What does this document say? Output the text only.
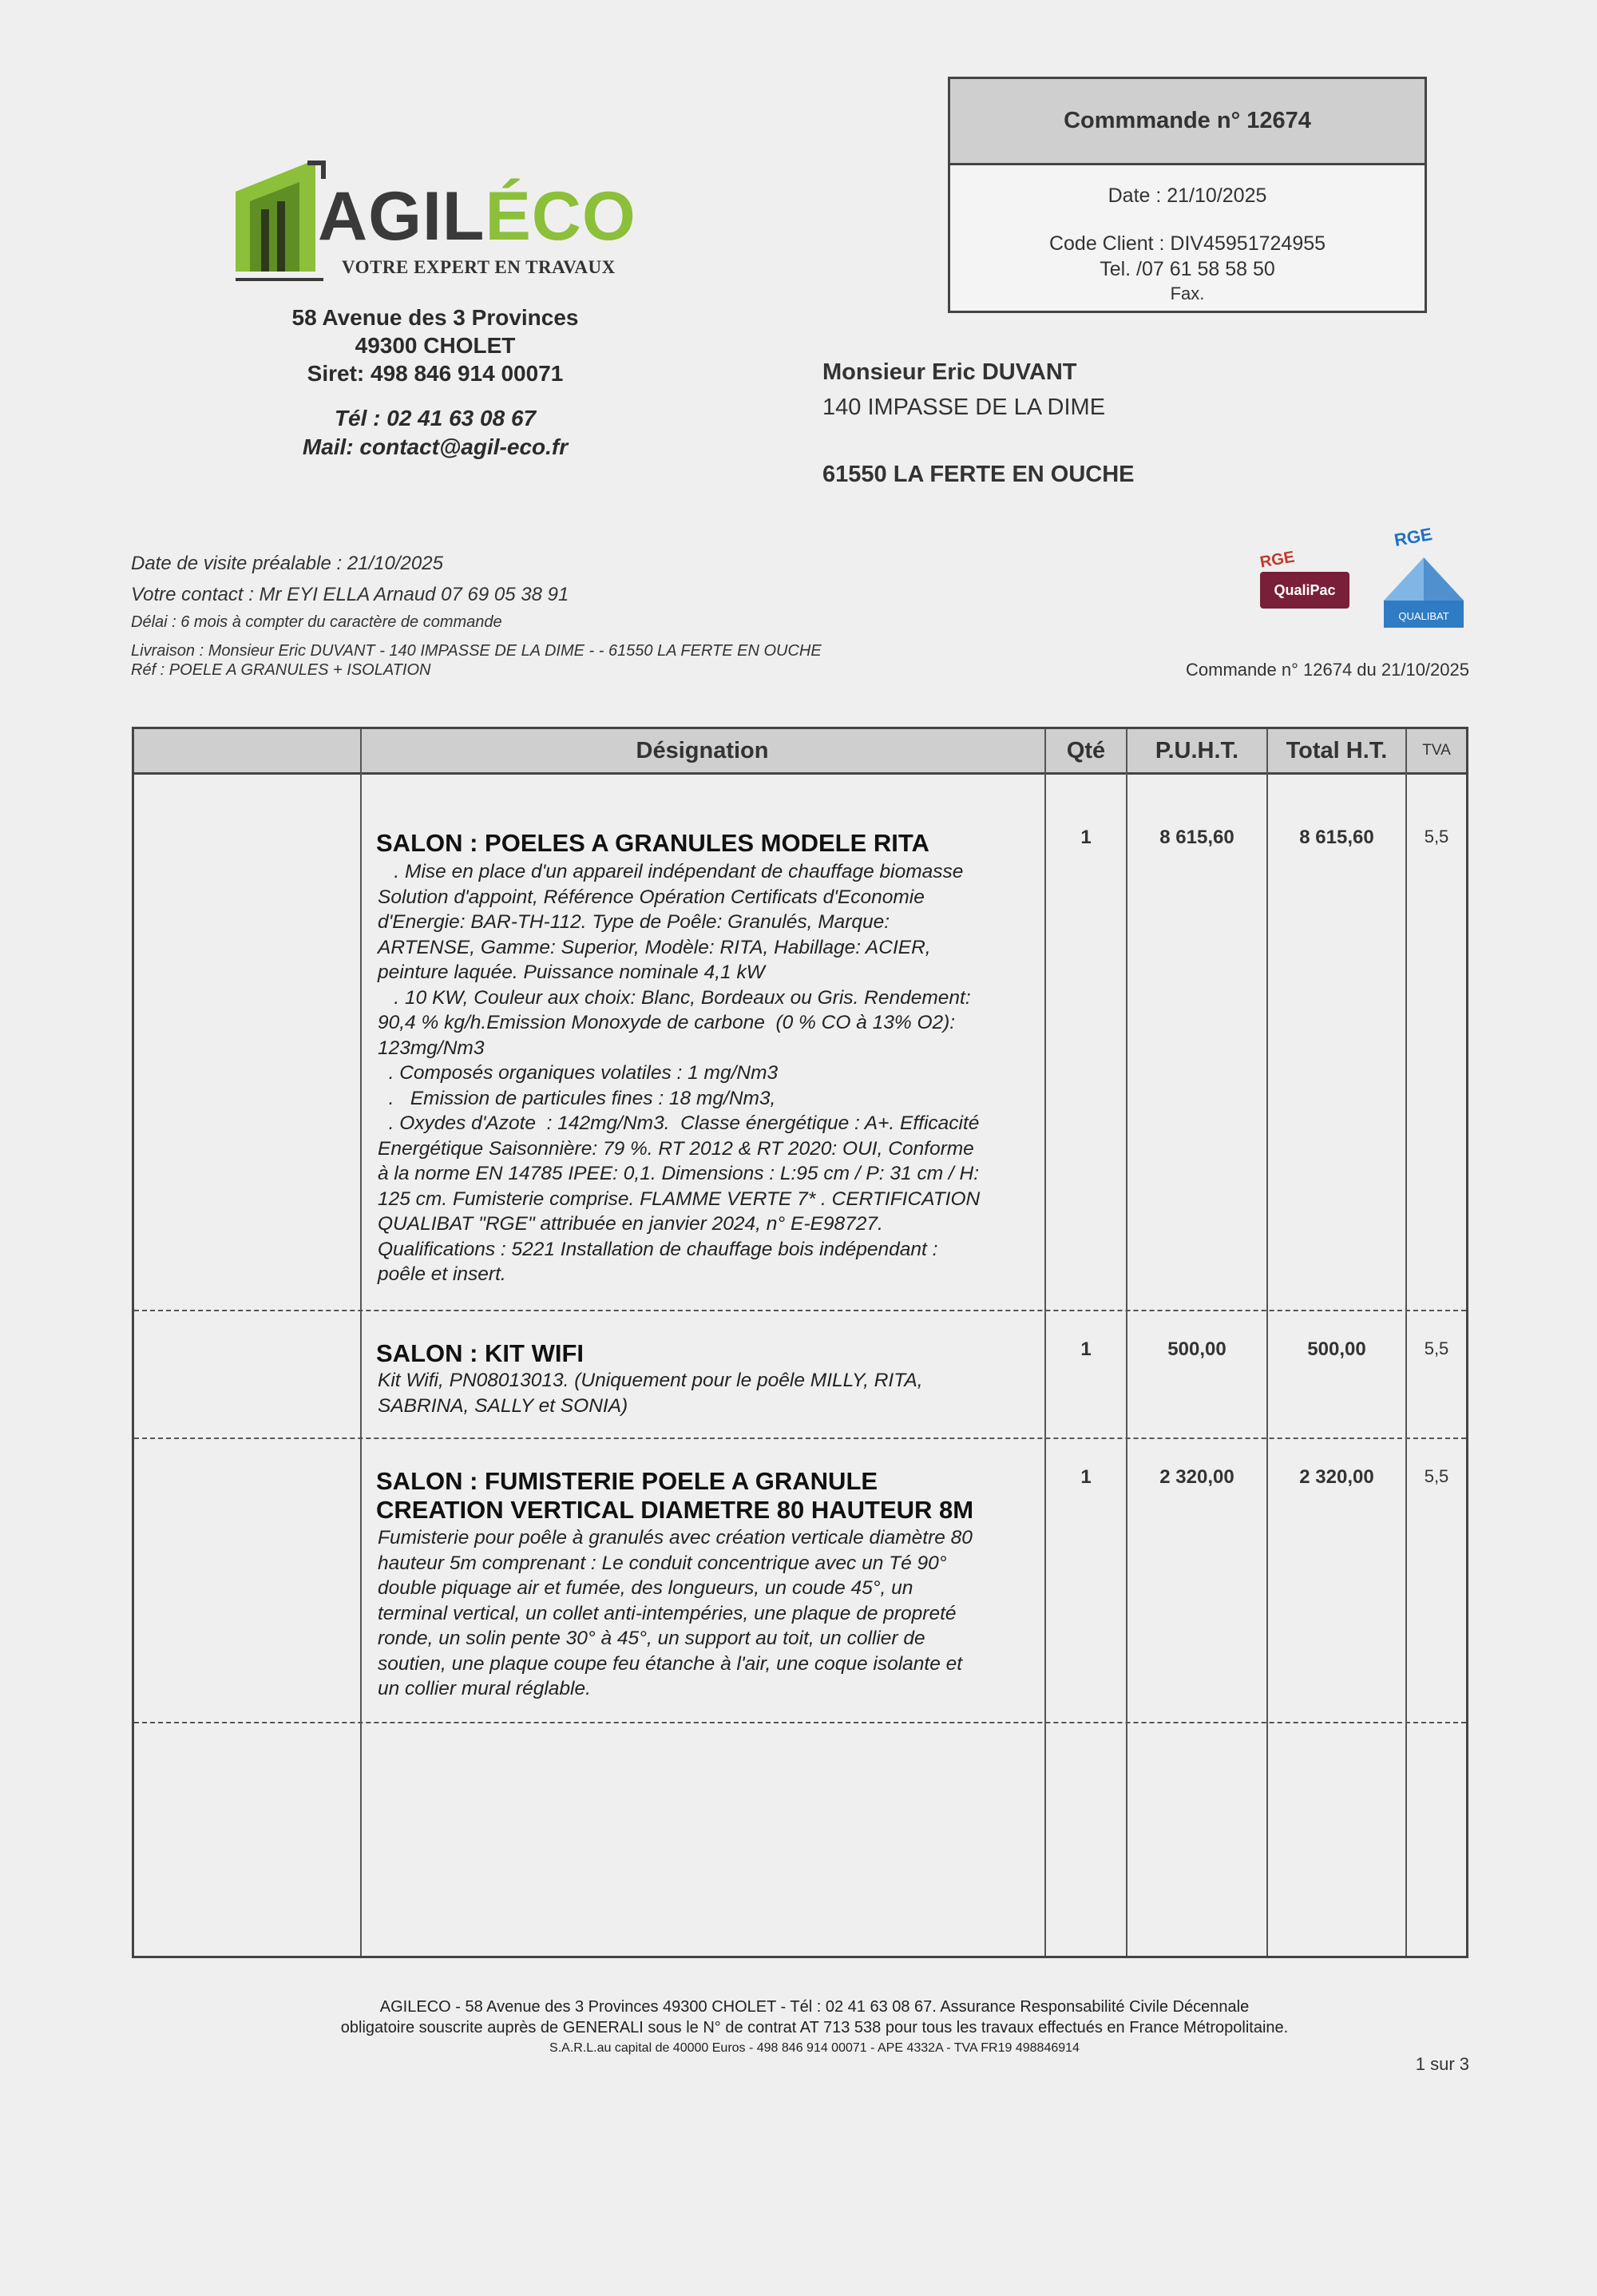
AGILÉCO
VOTRE EXPERT EN TRAVAUX
58 Avenue des 3 Provinces
49300 CHOLET
Siret: 498 846 914 00071
Tél : 02 41 63 08 67
Mail: contact@agil-eco.fr
Commmande n° 12674
Date : 21/10/2025
Code Client : DIV45951724955
Tel. /07 61 58 58 50
Fax.
Monsieur Eric DUVANT
140 IMPASSE DE LA DIME
61550 LA FERTE EN OUCHE
Date de visite préalable : 21/10/2025
Votre contact : Mr EYI ELLA Arnaud 07 69 05 38 91
Délai : 6 mois à compter du caractère de commande
Livraison : Monsieur Eric DUVANT - 140 IMPASSE DE LA DIME - - 61550 LA FERTE EN OUCHE
Réf : POELE A GRANULES + ISOLATION
RGE
QualiPac
RGE
QUALIBAT
Commande n° 12674 du 21/10/2025
Désignation	Qté	P.U.H.T.	Total H.T.	TVA
SALON : POELES A GRANULES MODELE RITA
. Mise en place d'un appareil indépendant de chauffage biomasse
Solution d'appoint, Référence Opération Certificats d'Economie
d'Energie: BAR-TH-112. Type de Poêle: Granulés, Marque:
ARTENSE, Gamme: Superior, Modèle: RITA, Habillage: ACIER,
peinture laquée. Puissance nominale 4,1 kW
. 10 KW, Couleur aux choix: Blanc, Bordeaux ou Gris. Rendement:
90,4 % kg/h.Emission Monoxyde de carbone  (0 % CO à 13% O2):
123mg/Nm3
. Composés organiques volatiles : 1 mg/Nm3
.   Emission de particules fines : 18 mg/Nm3,
. Oxydes d'Azote  : 142mg/Nm3.  Classe énergétique : A+. Efficacité
Energétique Saisonnière: 79 %. RT 2012 & RT 2020: OUI, Conforme
à la norme EN 14785 IPEE: 0,1. Dimensions : L:95 cm / P: 31 cm / H:
125 cm. Fumisterie comprise. FLAMME VERTE 7* . CERTIFICATION
QUALIBAT "RGE" attribuée en janvier 2024, n° E-E98727.
Qualifications : 5221 Installation de chauffage bois indépendant :
poêle et insert.
1	8 615,60	8 615,60	5,5
SALON : KIT WIFI
Kit Wifi, PN08013013. (Uniquement pour le poêle MILLY, RITA,
SABRINA, SALLY et SONIA)
1	500,00	500,00	5,5
SALON : FUMISTERIE POELE A GRANULE
CREATION VERTICAL DIAMETRE 80 HAUTEUR 8M
Fumisterie pour poêle à granulés avec création verticale diamètre 80
hauteur 5m comprenant : Le conduit concentrique avec un Té 90°
double piquage air et fumée, des longueurs, un coude 45°, un
terminal vertical, un collet anti-intempéries, une plaque de propreté
ronde, un solin pente 30° à 45°, un support au toit, un collier de
soutien, une plaque coupe feu étanche à l'air, une coque isolante et
un collier mural réglable.
1	2 320,00	2 320,00	5,5
AGILECO - 58 Avenue des 3 Provinces 49300 CHOLET - Tél : 02 41 63 08 67. Assurance Responsabilité Civile Décennale
obligatoire souscrite auprès de GENERALI sous le N° de contrat AT 713 538 pour tous les travaux effectués en France Métropolitaine.
S.A.R.L.au capital de 40000 Euros - 498 846 914 00071 - APE 4332A - TVA FR19 498846914
1 sur 3
